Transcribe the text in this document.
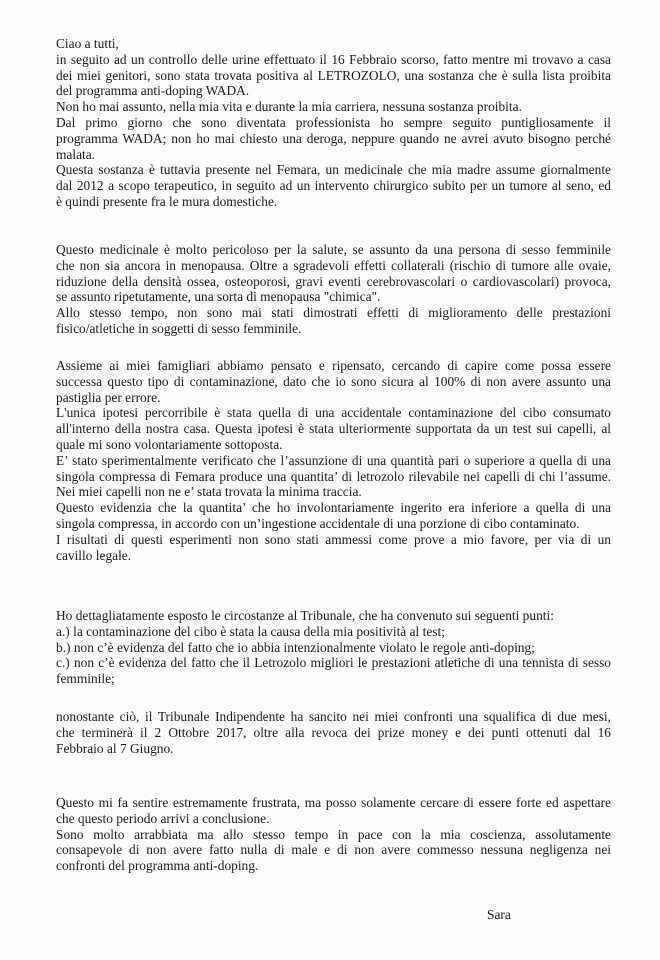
Ciao a tutti,
in seguito ad un controllo delle urine effettuato il 16 Febbraio scorso, fatto mentre mi trovavo a casa
dei miei genitori, sono stata trovata positiva al LETROZOLO, una sostanza che è sulla lista proibita
del programma anti-doping WADA.
Non ho mai assunto, nella mia vita e durante la mia carriera, nessuna sostanza proibita.
Dal primo giorno che sono diventata professionista ho sempre seguito puntigliosamente il
programma WADA; non ho mai chiesto una deroga, neppure quando ne avrei avuto bisogno perché
malata.
Questa sostanza è tuttavia presente nel Femara, un medicinale che mia madre assume giornalmente
dal 2012 a scopo terapeutico, in seguito ad un intervento chirurgico subito per un tumore al seno, ed
è quindi presente fra le mura domestiche.
Questo medicinale è molto pericoloso per la salute, se assunto da una persona di sesso femminile
che non sia ancora in menopausa. Oltre a sgradevoli effetti collaterali (rischio di tumore alle ovaie,
riduzione della densità ossea, osteoporosi, gravi eventi cerebrovascolari o cardiovascolari) provoca,
se assunto ripetutamente, una sorta di menopausa "chimica".
Allo stesso tempo, non sono mai stati dimostrati effetti di miglioramento delle prestazioni
fisico/atletiche in soggetti di sesso femminile.
Assieme ai miei famigliari abbiamo pensato e ripensato, cercando di capire come possa essere
successa questo tipo di contaminazione, dato che io sono sicura al 100% di non avere assunto una
pastiglia per errore.
L'unica ipotesi percorribile è stata quella di una accidentale contaminazione del cibo consumato
all'interno della nostra casa. Questa ipotesi è stata ulteriormente supportata da un test sui capelli, al
quale mi sono volontariamente sottoposta.
E’ stato sperimentalmente verificato che l’assunzione di una quantità pari o superiore a quella di una
singola compressa di Femara produce una quantita’ di letrozolo rilevabile nei capelli di chi l’assume.
Nei miei capelli non ne e’ stata trovata la minima traccia.
Questo evidenzia che la quantita’ che ho involontariamente ingerito era inferiore a quella di una
singola compressa, in accordo con un’ingestione accidentale di una porzione di cibo contaminato.
I risultati di questi esperimenti non sono stati ammessi come prove a mio favore, per via di un
cavillo legale.
Ho dettagliatamente esposto le circostanze al Tribunale, che ha convenuto sui seguenti punti:
a.) la contaminazione del cibo è stata la causa della mia positività al test;
b.) non c’è evidenza del fatto che io abbia intenzionalmente violato le regole anti-doping;
c.) non c’è evidenza del fatto che il Letrozolo migliori le prestazioni atletiche di una tennista di sesso
femminile;
nonostante ciò, il Tribunale Indipendente ha sancito nei miei confronti una squalifica di due mesi,
che terminerà il 2 Ottobre 2017, oltre alla revoca dei prize money e dei punti ottenuti dal 16
Febbraio al 7 Giugno.
Questo mi fa sentire estremamente frustrata, ma posso solamente cercare di essere forte ed aspettare
che questo periodo arrivi a conclusione.
Sono molto arrabbiata ma allo stesso tempo in pace con la mia coscienza, assolutamente
consapevole di non avere fatto nulla di male e di non avere commesso nessuna negligenza nei
confronti del programma anti-doping.
Sara
